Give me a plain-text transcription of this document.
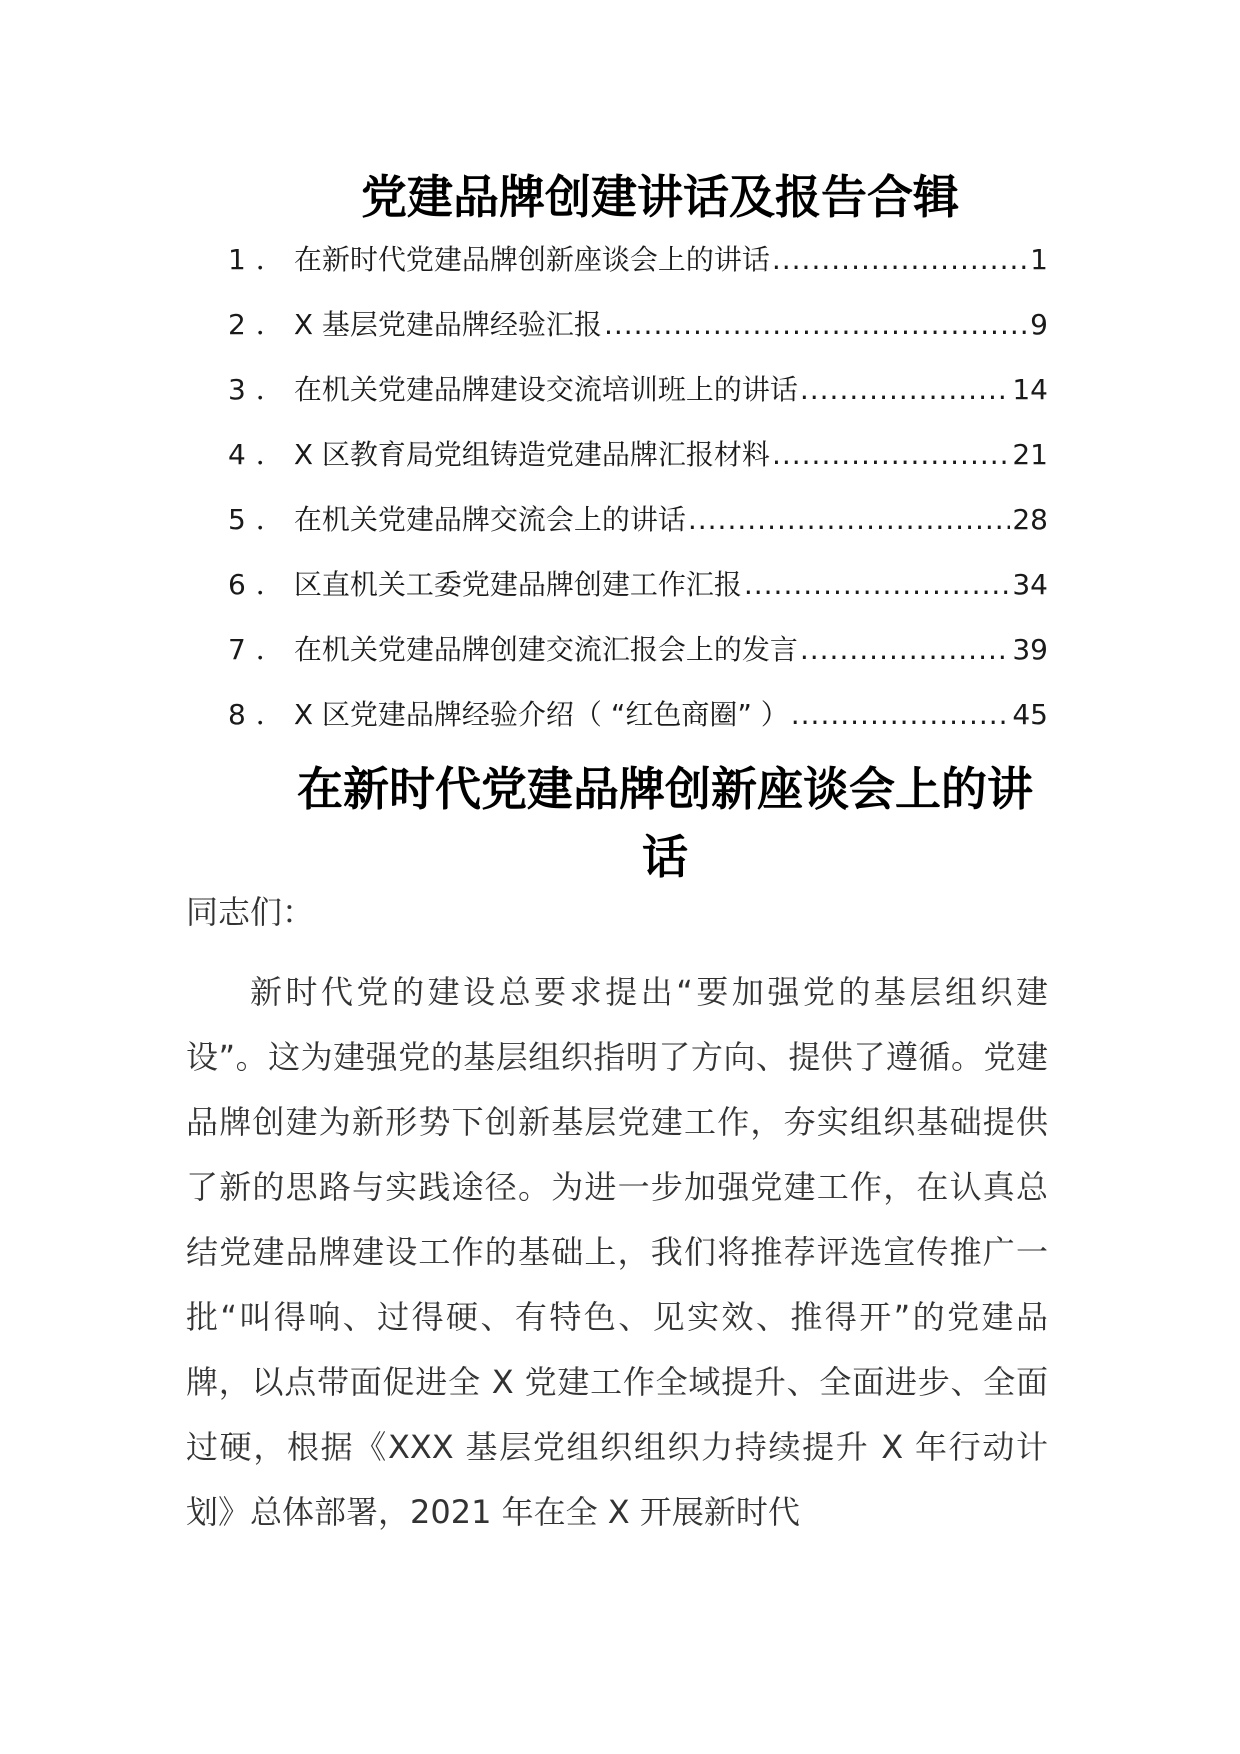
党建品牌创建讲话及报告合辑
1 ． 在新时代党建品牌创新座谈会上的讲话 .....	1
2 ． X 基层党建品牌经验汇报 .....	9
3 ． 在机关党建品牌建设交流培训班上的讲话 .....	14
4 ． X 区教育局党组铸造党建品牌汇报材料 .....	21
5 ． 在机关党建品牌交流会上的讲话 .....	28
6 ． 区直机关工委党建品牌创建工作汇报 .....	34
7 ． 在机关党建品牌创建交流汇报会上的发言 .....	39
8 ． X 区党建品牌经验介绍（ “红色商圈” ） .....	45
在新时代党建品牌创新座谈会上的讲话
同志们：

新时代党的建设总要求提出“要加强党的基层组织建设”。这为建强党的基层组织指明了方向、提供了遵循。党建品牌创建为新形势下创新基层党建工作，夯实组织基础提供了新的思路与实践途径。为进一步加强党建工作，在认真总结党建品牌建设工作的基础上，我们将推荐评选宣传推广一批“叫得响、过得硬、有特色、见实效、推得开”的党建品牌，以点带面促进全 X 党建工作全域提升、全面进步、全面过硬，根据《XXX 基层党组织组织力持续提升 X 年行动计划》总体部署，2021 年在全 X 开展新时代
